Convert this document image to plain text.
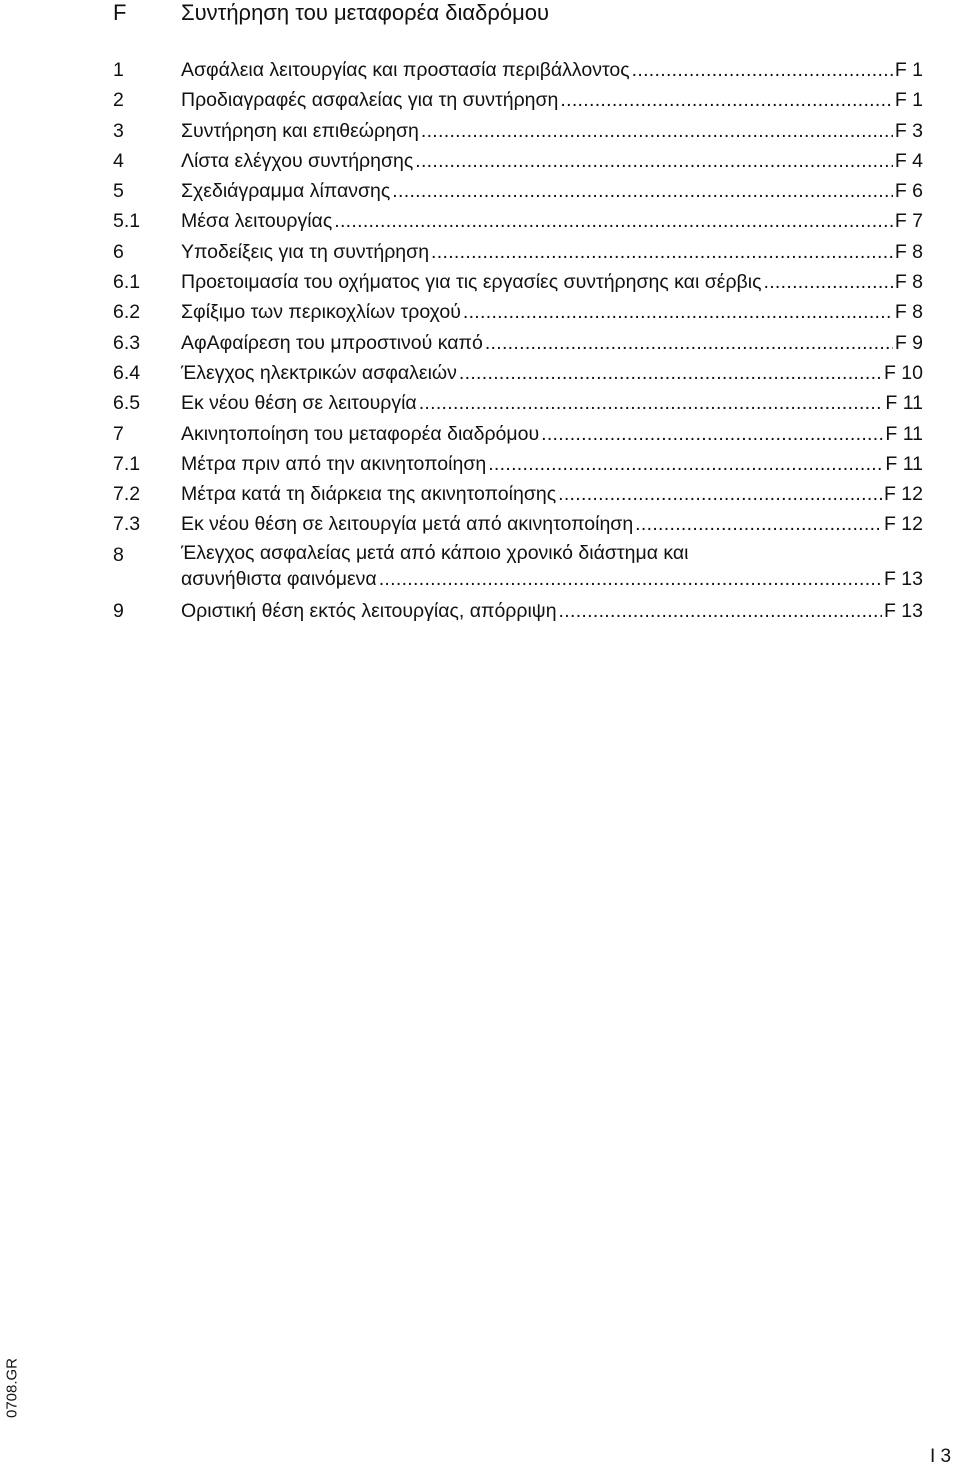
F Συντήρηση του μεταφορέα διαδρόμου
1	Ασφάλεια λειτουργίας και προστασία περιβάλλοντος .....	F 1
2	Προδιαγραφές ασφαλείας για τη συντήρηση .....	F 1
3	Συντήρηση και επιθεώρηση .....	F 3
4	Λίστα ελέγχου συντήρησης .....	F 4
5	Σχεδιάγραμμα λίπανσης .....	F 6
5.1	Μέσα λειτουργίας .....	F 7
6	Υποδείξεις για τη συντήρηση .....	F 8
6.1	Προετοιμασία του οχήματος για τις εργασίες συντήρησης και σέρβις .....	F 8
6.2	Σφίξιμο των περικοχλίων τροχού .....	F 8
6.3	ΑφΑφαίρεση του μπροστινού καπό .....	F 9
6.4	Έλεγχος ηλεκτρικών ασφαλειών .....	F 10
6.5	Εκ νέου θέση σε λειτουργία .....	F 11
7	Ακινητοποίηση του μεταφορέα διαδρόμου .....	F 11
7.1	Μέτρα πριν από την ακινητοποίηση .....	F 11
7.2	Μέτρα κατά τη διάρκεια της ακινητοποίησης .....	F 12
7.3	Εκ νέου θέση σε λειτουργία μετά από ακινητοποίηση .....	F 12
8	Έλεγχος ασφαλείας μετά από κάποιο χρονικό διάστημα και
ασυνήθιστα φαινόμενα .....	F 13
9	Οριστική θέση εκτός λειτουργίας, απόρριψη .....	F 13
0708.GR
I 3
